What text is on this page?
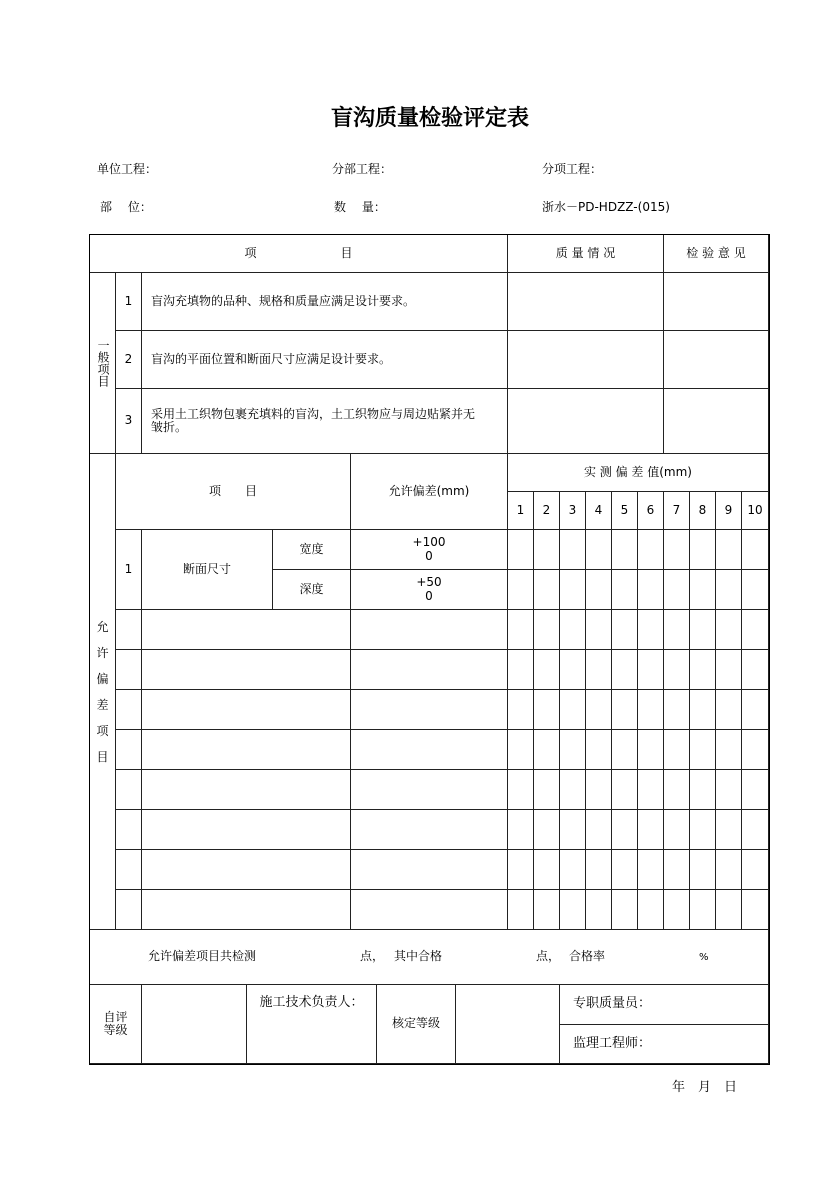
盲沟质量检验评定表
单位工程：	分部工程：	分项工程：
部　 位：	数　 量：	浙水－PD-HDZZ-(015)
项　　　　　　　目	质 量 情 况	检 验 意 见
一般项目
1	盲沟充填物的品种、规格和质量应满足设计要求。
2	盲沟的平面位置和断面尺寸应满足设计要求。
3	采用土工织物包裹充填料的盲沟，土工织物应与周边贴紧并无皱折。
允
许
偏
差
项
目
项　　目	允许偏差(mm)
实 测 偏 差 值(mm)
1	2	3	4	5	6	7	8	9	10
1	断面尺寸
宽度	+100
0
深度	+50
0
允许偏差项目共检测	点， 其中合格	点， 合格率	%
自评等级
施工技术负责人：
核定等级
专职质量员：
监理工程师：
年　月　日
